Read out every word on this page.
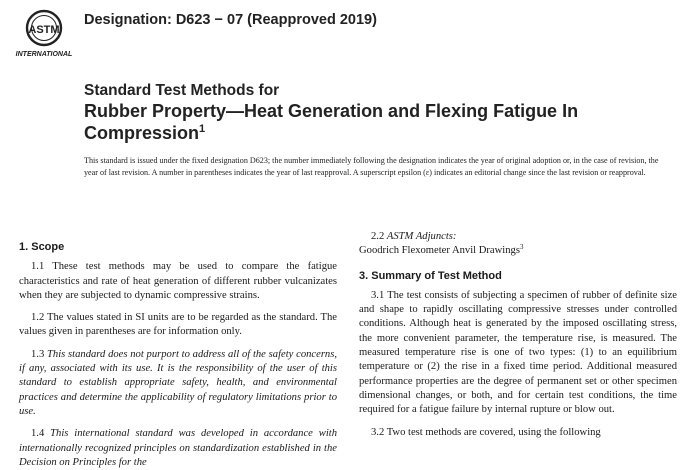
ASTM
INTERNATIONAL
Designation: D623 − 07 (Reapproved 2019)
Standard Test Methods for
Rubber Property—Heat Generation and Flexing Fatigue In
Compression$^1$
This standard is issued under the fixed designation D623; the number immediately following the designation indicates the year of original adoption or, in the case of revision, the year of last revision. A number in parentheses indicates the year of last reapproval. A superscript epsilon (ε) indicates an editorial change since the last revision or reapproval.

1. Scope

1.1 These test methods may be used to compare the fatigue characteristics and rate of heat generation of different rubber vulcanizates when they are subjected to dynamic compressive strains.

1.2 The values stated in SI units are to be regarded as the standard. The values given in parentheses are for information only.

1.3 This standard does not purport to address all of the safety concerns, if any, associated with its use. It is the responsibility of the user of this standard to establish appropriate safety, health, and environmental practices and determine the applicability of regulatory limitations prior to use.

1.4 This international standard was developed in accordance with internationally recognized principles on standardization established in the Decision on Principles for the

2.2 ASTM Adjuncts:
Goodrich Flexometer Anvil Drawings$^3$

3. Summary of Test Method

3.1 The test consists of subjecting a specimen of rubber of definite size and shape to rapidly oscillating compressive stresses under controlled conditions. Although heat is generated by the imposed oscillating stress, the more convenient parameter, the temperature rise, is measured. The measured temperature rise is one of two types: (1) to an equilibrium temperature or (2) the rise in a fixed time period. Additional measured performance properties are the degree of permanent set or other specimen dimensional changes, or both, and for certain test conditions, the time required for a fatigue failure by internal rupture or blow out.

3.2 Two test methods are covered, using the following
